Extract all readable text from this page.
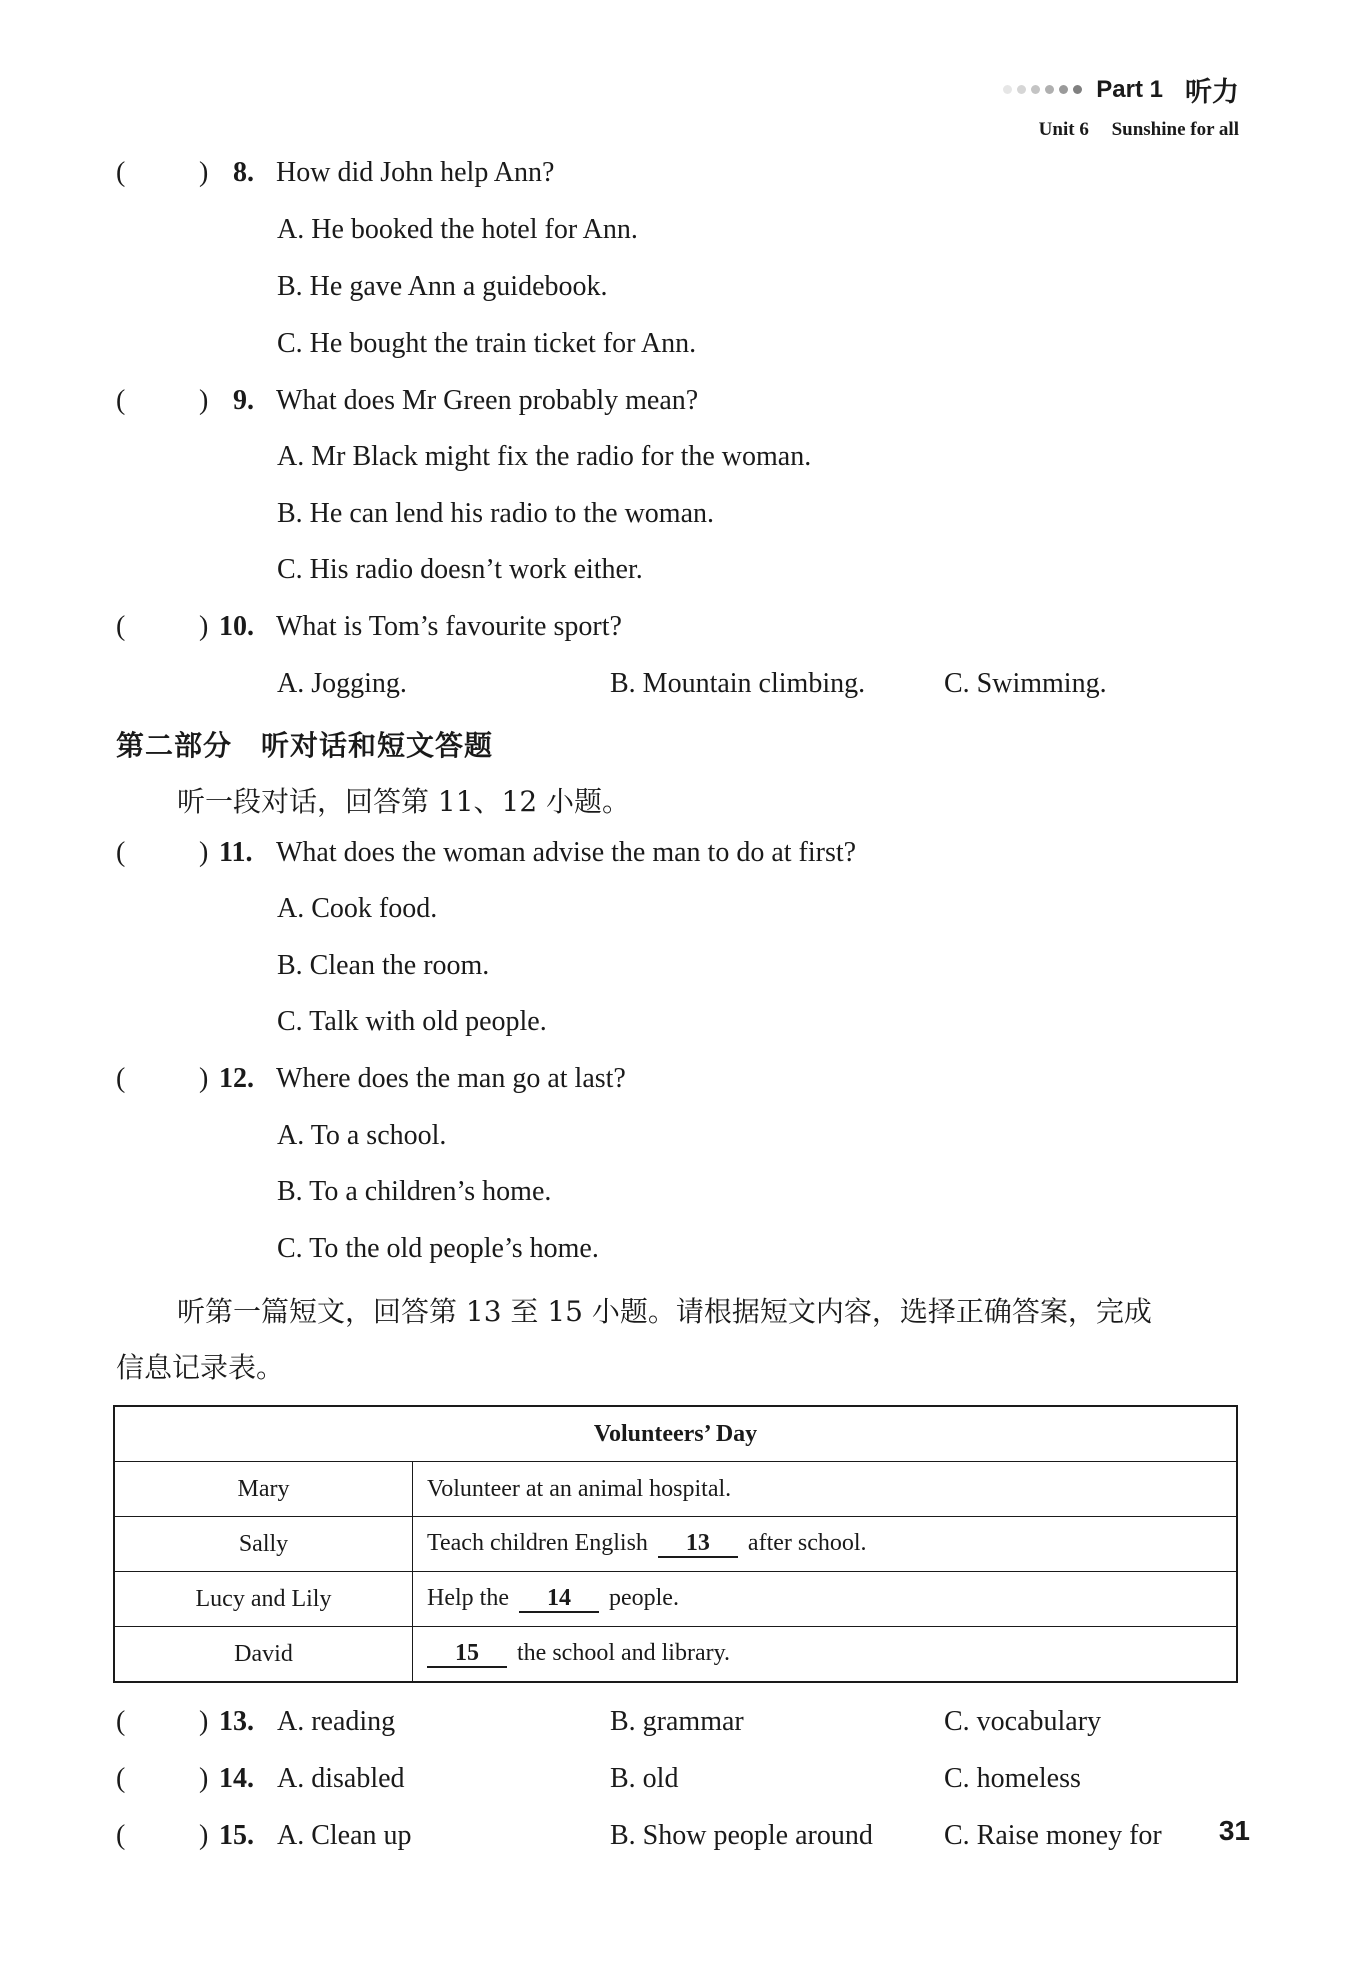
Part 1 听力
Unit 6 Sunshine for all
(	) 8. How did John help Ann?
A. He booked the hotel for Ann.
B. He gave Ann a guidebook.
C. He bought the train ticket for Ann.
(	) 9. What does Mr Green probably mean?
A. Mr Black might fix the radio for the woman.
B. He can lend his radio to the woman.
C. His radio doesn’t work either.
(	) 10. What is Tom’s favourite sport?
A. Jogging.	B. Mountain climbing.	C. Swimming.
第二部分　听对话和短文答题
听一段对话，回答第 11、12 小题。
(	) 11. What does the woman advise the man to do at first?
A. Cook food.
B. Clean the room.
C. Talk with old people.
(	) 12. Where does the man go at last?
A. To a school.
B. To a children’s home.
C. To the old people’s home.
听第一篇短文，回答第 13 至 15 小题。请根据短文内容，选择正确答案，完成
信息记录表。
Volunteers’ Day	
Mary	Volunteer at an animal hospital.
Sally	Teach children English 13 after school.
Lucy and Lily	Help the 14 people.
David	15 the school and library.
(	) 13. A. reading	B. grammar	C. vocabulary
(	) 14. A. disabled	B. old	C. homeless
(	) 15. A. Clean up	B. Show people around	C. Raise money for 31
